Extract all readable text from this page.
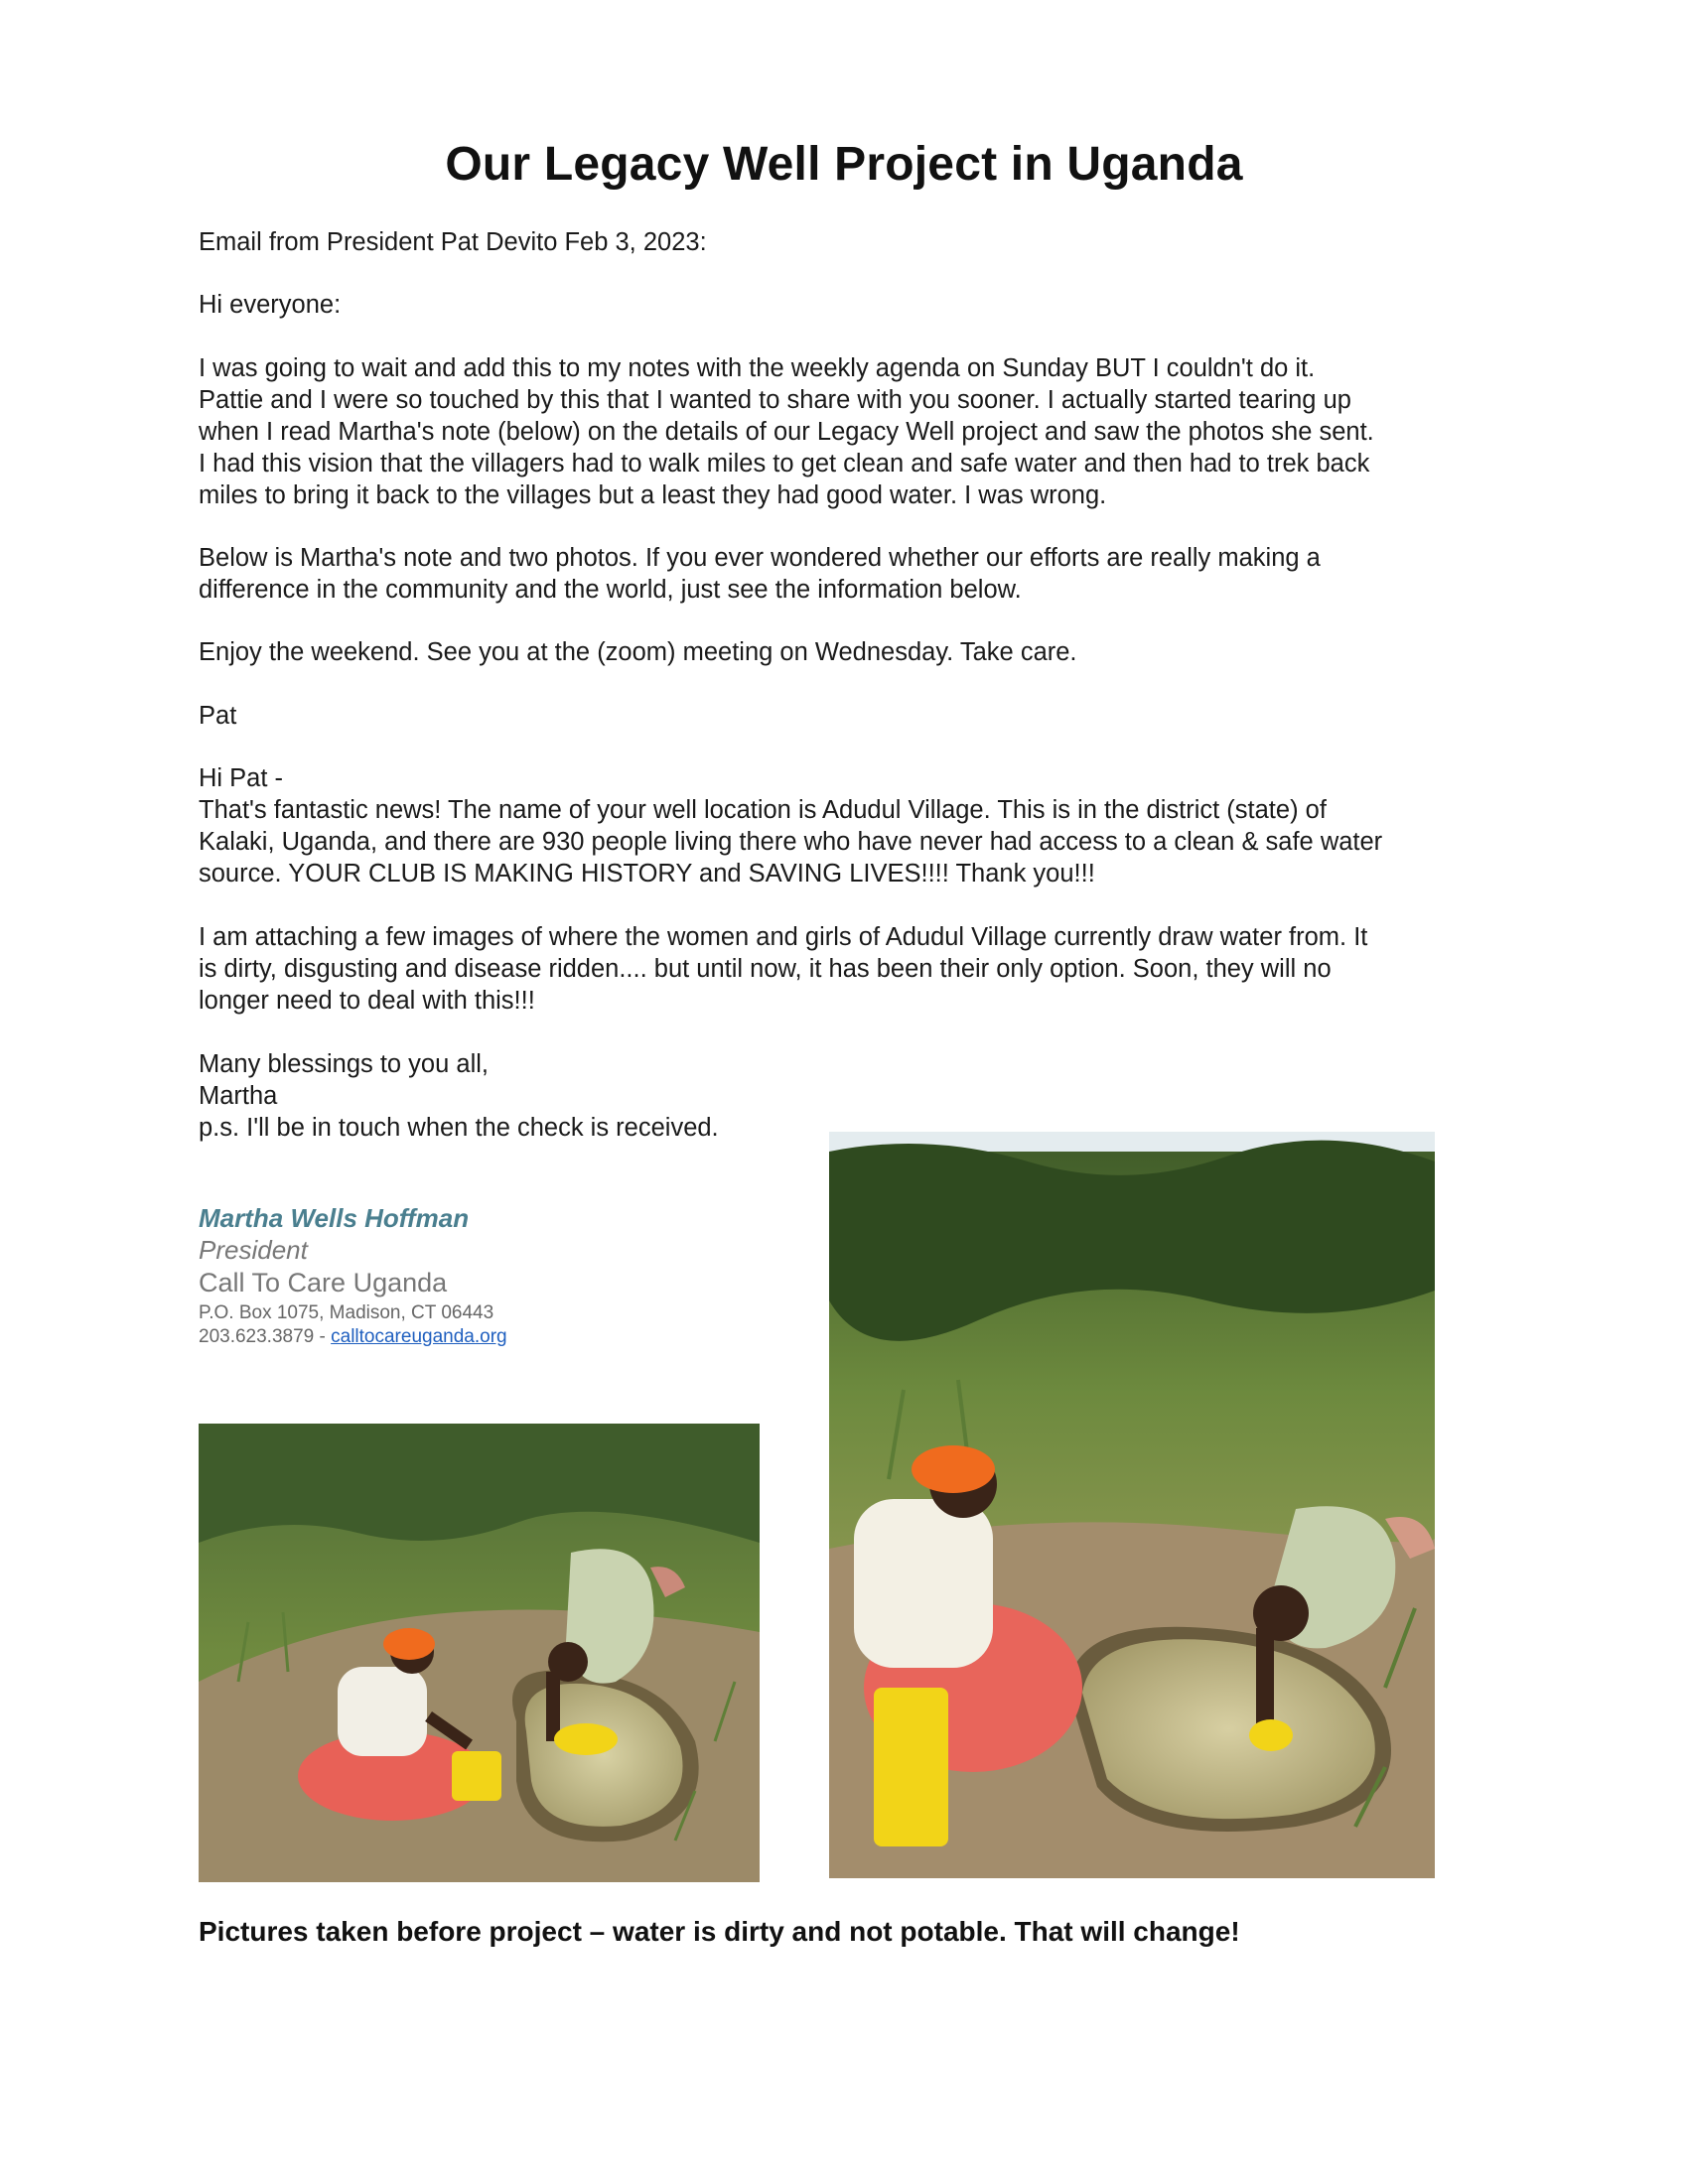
Our Legacy Well Project in Uganda
Email from President Pat Devito Feb 3, 2023:
Hi everyone:
I was going to wait and add this to my notes with the weekly agenda on Sunday BUT I couldn't do it.
Pattie and I were so touched by this that I wanted to share with you sooner. I actually started tearing up
when I read Martha's note (below) on the details of our Legacy Well project and saw the photos she sent.
I had this vision that the villagers had to walk miles to get clean and safe water and then had to trek back
miles to bring it back to the villages but a least they had good water. I was wrong.
Below is Martha's note and two photos. If you ever wondered whether our efforts are really making a
difference in the community and the world, just see the information below.
Enjoy the weekend. See you at the (zoom) meeting on Wednesday. Take care.
Pat
Hi Pat -
That's fantastic news! The name of your well location is Adudul Village. This is in the district (state) of
Kalaki, Uganda, and there are 930 people living there who have never had access to a clean & safe water
source. YOUR CLUB IS MAKING HISTORY and SAVING LIVES!!!! Thank you!!!
I am attaching a few images of where the women and girls of Adudul Village currently draw water from. It
is dirty, disgusting and disease ridden.... but until now, it has been their only option. Soon, they will no
longer need to deal with this!!!
Many blessings to you all,
Martha
p.s. I'll be in touch when the check is received.
Martha Wells Hoffman
President
Call To Care Uganda
P.O. Box 1075, Madison, CT 06443
203.623.3879 - calltocareuganda.org
Pictures taken before project – water is dirty and not potable. That will change!
